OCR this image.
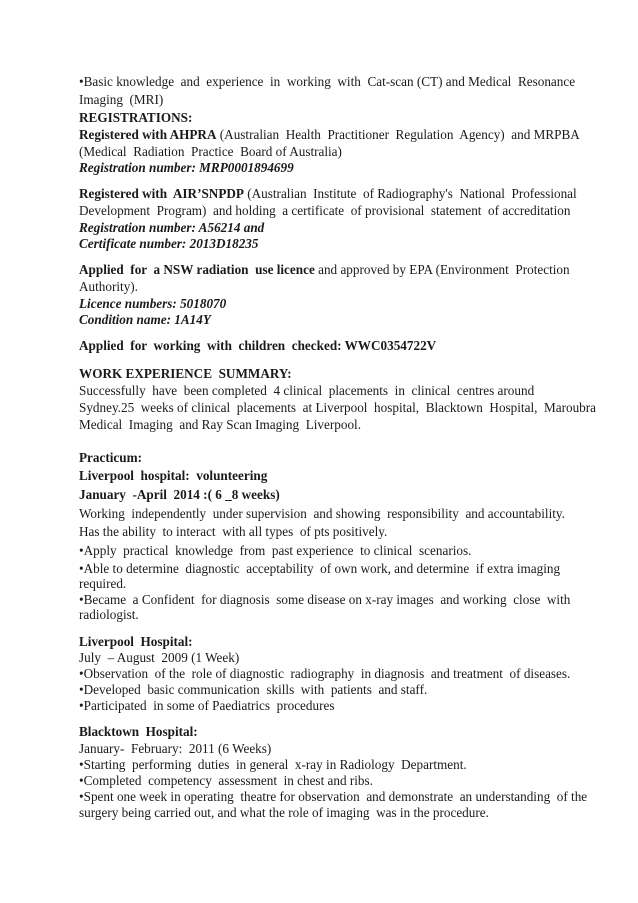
•Basic knowledge  and  experience  in  working  with  Cat-scan (CT) and Medical  Resonance
Imaging  (MRI)
REGISTRATIONS:
Registered with AHPRA (Australian  Health  Practitioner  Regulation  Agency)  and MRPBA
(Medical  Radiation  Practice  Board of Australia)
Registration number: MRP0001894699
Registered with  AIR’SNPDP (Australian  Institute  of Radiography's  National  Professional
Development  Program)  and holding  a certificate  of provisional  statement  of accreditation
Registration number: A56214 and
Certificate number: 2013D18235
Applied  for  a NSW radiation  use licence and approved by EPA (Environment  Protection
Authority).
Licence numbers: 5018070
Condition name: 1A14Y
Applied  for  working  with  children  checked: WWC0354722V
WORK EXPERIENCE  SUMMARY:
Successfully  have  been completed  4 clinical  placements  in  clinical  centres around
Sydney.25  weeks of clinical  placements  at Liverpool  hospital,  Blacktown  Hospital,  Maroubra
Medical  Imaging  and Ray Scan Imaging  Liverpool.
Practicum:
Liverpool  hospital:  volunteering
January  -April  2014 :( 6 _8 weeks)
Working  independently  under supervision  and showing  responsibility  and accountability.
Has the ability  to interact  with all types  of pts positively.
•Apply  practical  knowledge  from  past experience  to clinical  scenarios.
•Able to determine  diagnostic  acceptability  of own work, and determine  if extra imaging
required.
•Became  a Confident  for diagnosis  some disease on x-ray images  and working  close  with
radiologist.
Liverpool  Hospital:
July  – August  2009 (1 Week)
•Observation  of the  role of diagnostic  radiography  in diagnosis  and treatment  of diseases.
•Developed  basic communication  skills  with  patients  and staff.
•Participated  in some of Paediatrics  procedures
Blacktown  Hospital:
January-  February:  2011 (6 Weeks)
•Starting  performing  duties  in general  x-ray in Radiology  Department.
•Completed  competency  assessment  in chest and ribs.
•Spent one week in operating  theatre for observation  and demonstrate  an understanding  of the
surgery being carried out, and what the role of imaging  was in the procedure.
